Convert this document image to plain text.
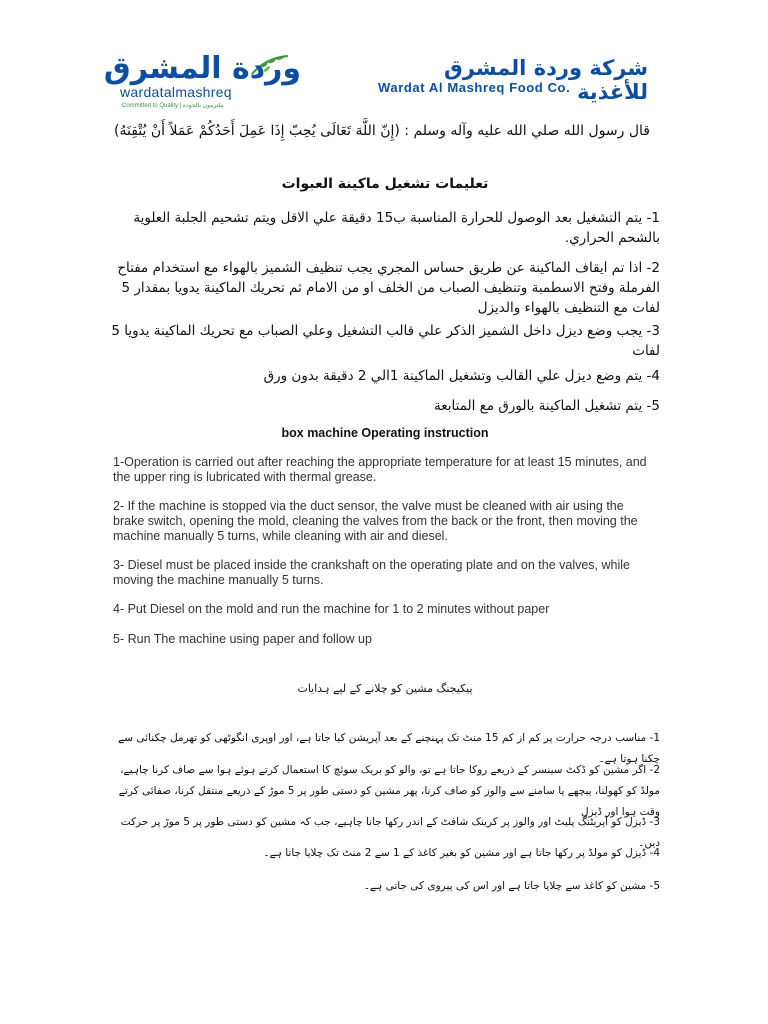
وردة المشرق
wardatalmashreq
Committed to Quality | ملتزمون بالجودة
شركة وردة المشرق للأغذية
Wardat Al Mashreq Food Co.
قال رسول الله صلي الله عليه وآله وسلم : (إِنّ اللَّهَ تَعَالَى يُحِبّ إِذَا عَمِلَ أَحَدُكُمْ عَمَلاً أَنْ يُتْقِنَهُ)
تعليمات تشغيل ماكينة العبوات
1- يتم التشغيل بعد الوصول للحرارة المناسبة ب15 دقيقة علي الاقل ويتم تشحيم الجلبة العلوية بالشحم الحراري.
2- اذا تم ايقاف الماكينة عن طريق حساس المجري يجب تنظيف الشميز بالهواء مع استخدام مفتاح الفرملة وفتح الاسطمبة وتنظيف الصباب من الخلف او من الامام ثم تحريك الماكينة يدويا بمقدار 5 لفات مع التنظيف بالهواء والديزل
3- يجب وضع ديزل داخل الشميز الذكر علي قالب التشغيل وعلي الصباب مع تحريك الماكينة يدويا 5 لفات
4- يتم وضع ديزل علي القالب وتشغيل الماكينة 1الي 2 دقيقة بدون ورق
5- يتم تشغيل الماكينة بالورق مع المتابعة
box machine Operating instruction
1-Operation is carried out after reaching the appropriate temperature for at least 15 minutes, and the upper ring is lubricated with thermal grease.
2- If the machine is stopped via the duct sensor, the valve must be cleaned with air using the brake switch, opening the mold, cleaning the valves from the back or the front, then moving the machine manually 5 turns, while cleaning with air and diesel.
3- Diesel must be placed inside the crankshaft on the operating plate and on the valves, while moving the machine manually 5 turns.
4- Put Diesel on the mold and run the machine for 1 to 2 minutes without paper
5- Run The machine using paper and follow up
پیکیجنگ مشین کو چلانے کے لیے ہدایات
1- مناسب درجہ حرارت پر کم از کم 15 منٹ تک پہنچنے کے بعد آپریشن کیا جاتا ہے، اور اوپری انگوٹھی کو تھرمل چکنائی سے چکنا ہوتا ہے۔
2- اگر مشین کو ڈکٹ سینسر کے ذریعے روکا جاتا ہے تو، والو کو بریک سوئچ کا استعمال کرتے ہوئے ہوا سے صاف کرنا چاہیے، مولڈ کو کھولنا، پیچھے یا سامنے سے والوز کو صاف کرنا، پھر مشین کو دستی طور پر 5 موڑ کے ذریعے منتقل کرنا، صفائی کرتے وقت ہوا اور ڈیزل
3- ڈیزل کو آپریٹنگ پلیٹ اور والوز پر کرینک شافٹ کے اندر رکھا جانا چاہیے، جب کہ مشین کو دستی طور پر 5 موڑ پر حرکت دیں۔
4- ڈیزل کو مولڈ پر رکھا جاتا ہے اور مشین کو بغیر کاغذ کے 1 سے 2 منٹ تک چلایا جاتا ہے۔
5- مشین کو کاغذ سے چلایا جاتا ہے اور اس کی پیروی کی جاتی ہے۔
